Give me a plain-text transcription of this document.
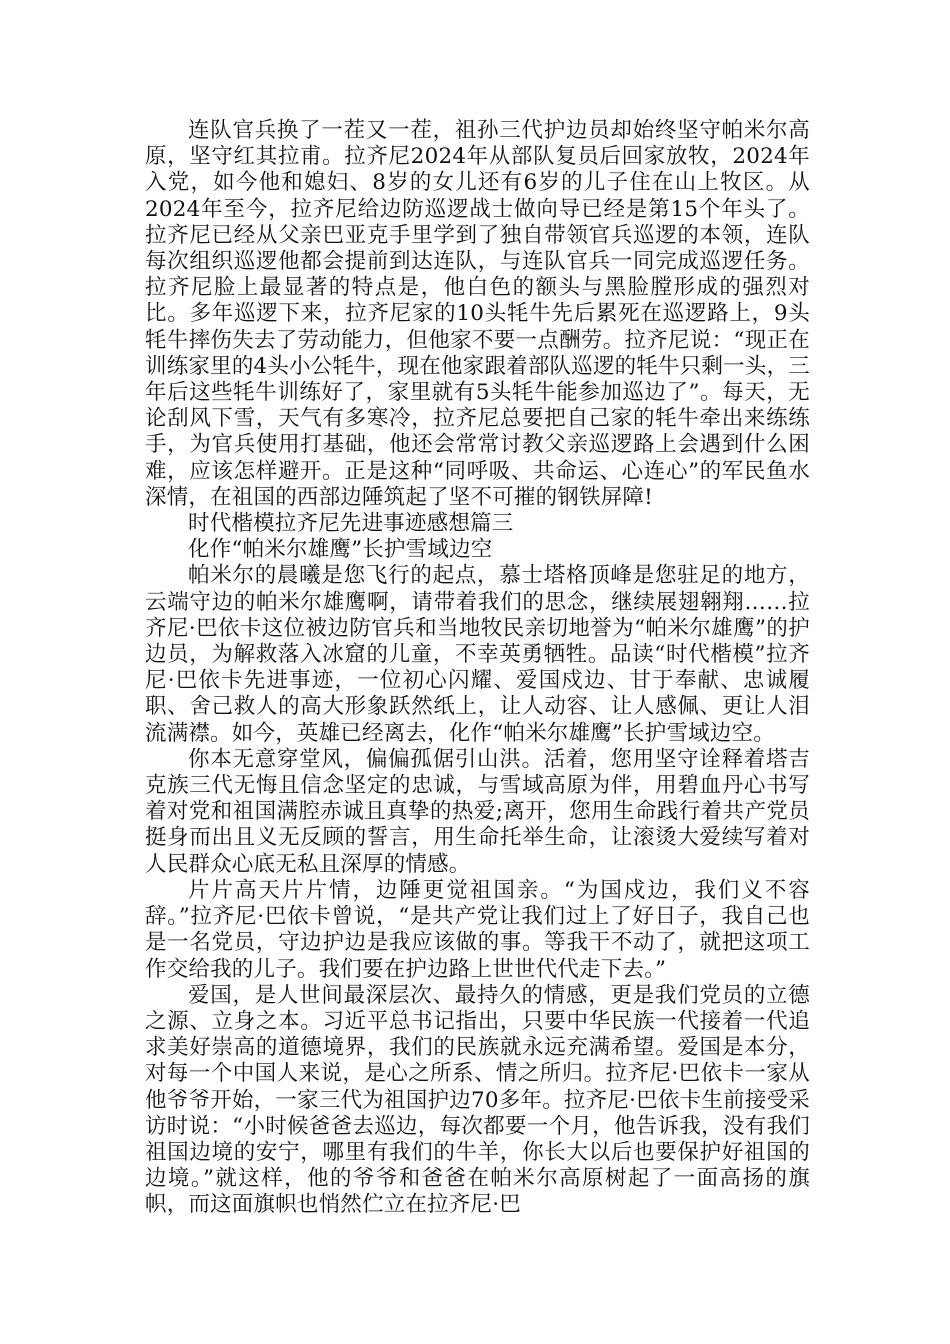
连队官兵换了一茬又一茬，祖孙三代护边员却始终坚守帕米尔高原，坚守红其拉甫。拉齐尼2024年从部队复员后回家放牧，2024年入党，如今他和媳妇、8岁的女儿还有6岁的儿子住在山上牧区。从2024年至今，拉齐尼给边防巡逻战士做向导已经是第15个年头了。拉齐尼已经从父亲巴亚克手里学到了独自带领官兵巡逻的本领，连队每次组织巡逻他都会提前到达连队，与连队官兵一同完成巡逻任务。拉齐尼脸上最显著的特点是，他白色的额头与黑脸膛形成的强烈对比。多年巡逻下来，拉齐尼家的10头牦牛先后累死在巡逻路上，9头牦牛摔伤失去了劳动能力，但他家不要一点酬劳。拉齐尼说：“现正在训练家里的4头小公牦牛，现在他家跟着部队巡逻的牦牛只剩一头，三年后这些牦牛训练好了，家里就有5头牦牛能参加巡边了”。每天，无论刮风下雪，天气有多寒冷，拉齐尼总要把自己家的牦牛牵出来练练手，为官兵使用打基础，他还会常常讨教父亲巡逻路上会遇到什么困难，应该怎样避开。正是这种“同呼吸、共命运、心连心”的军民鱼水深情，在祖国的西部边陲筑起了坚不可摧的钢铁屏障!

时代楷模拉齐尼先进事迹感想篇三

化作“帕米尔雄鹰”长护雪域边空

帕米尔的晨曦是您飞行的起点，慕士塔格顶峰是您驻足的地方，云端守边的帕米尔雄鹰啊，请带着我们的思念，继续展翅翱翔……拉齐尼·巴依卡这位被边防官兵和当地牧民亲切地誉为“帕米尔雄鹰”的护边员，为解救落入冰窟的儿童，不幸英勇牺牲。品读“时代楷模”拉齐尼·巴依卡先进事迹，一位初心闪耀、爱国戍边、甘于奉献、忠诚履职、舍己救人的高大形象跃然纸上，让人动容、让人感佩、更让人泪流满襟。如今，英雄已经离去，化作“帕米尔雄鹰”长护雪域边空。

你本无意穿堂风，偏偏孤倨引山洪。活着，您用坚守诠释着塔吉克族三代无悔且信念坚定的忠诚，与雪域高原为伴，用碧血丹心书写着对党和祖国满腔赤诚且真挚的热爱;离开，您用生命践行着共产党员挺身而出且义无反顾的誓言，用生命托举生命，让滚烫大爱续写着对人民群众心底无私且深厚的情感。

片片高天片片情，边陲更觉祖国亲。“为国戍边，我们义不容辞。”拉齐尼·巴依卡曾说，“是共产党让我们过上了好日子，我自己也是一名党员，守边护边是我应该做的事。等我干不动了，就把这项工作交给我的儿子。我们要在护边路上世世代代走下去。”

爱国，是人世间最深层次、最持久的情感，更是我们党员的立德之源、立身之本。习近平总书记指出，只要中华民族一代接着一代追求美好崇高的道德境界，我们的民族就永远充满希望。爱国是本分，对每一个中国人来说，是心之所系、情之所归。拉齐尼·巴依卡一家从他爷爷开始，一家三代为祖国护边70多年。拉齐尼·巴依卡生前接受采访时说：“小时候爸爸去巡边，每次都要一个月，他告诉我，没有我们祖国边境的安宁，哪里有我们的牛羊，你长大以后也要保护好祖国的边境。”就这样，他的爷爷和爸爸在帕米尔高原树起了一面高扬的旗帜，而这面旗帜也悄然伫立在拉齐尼·巴
